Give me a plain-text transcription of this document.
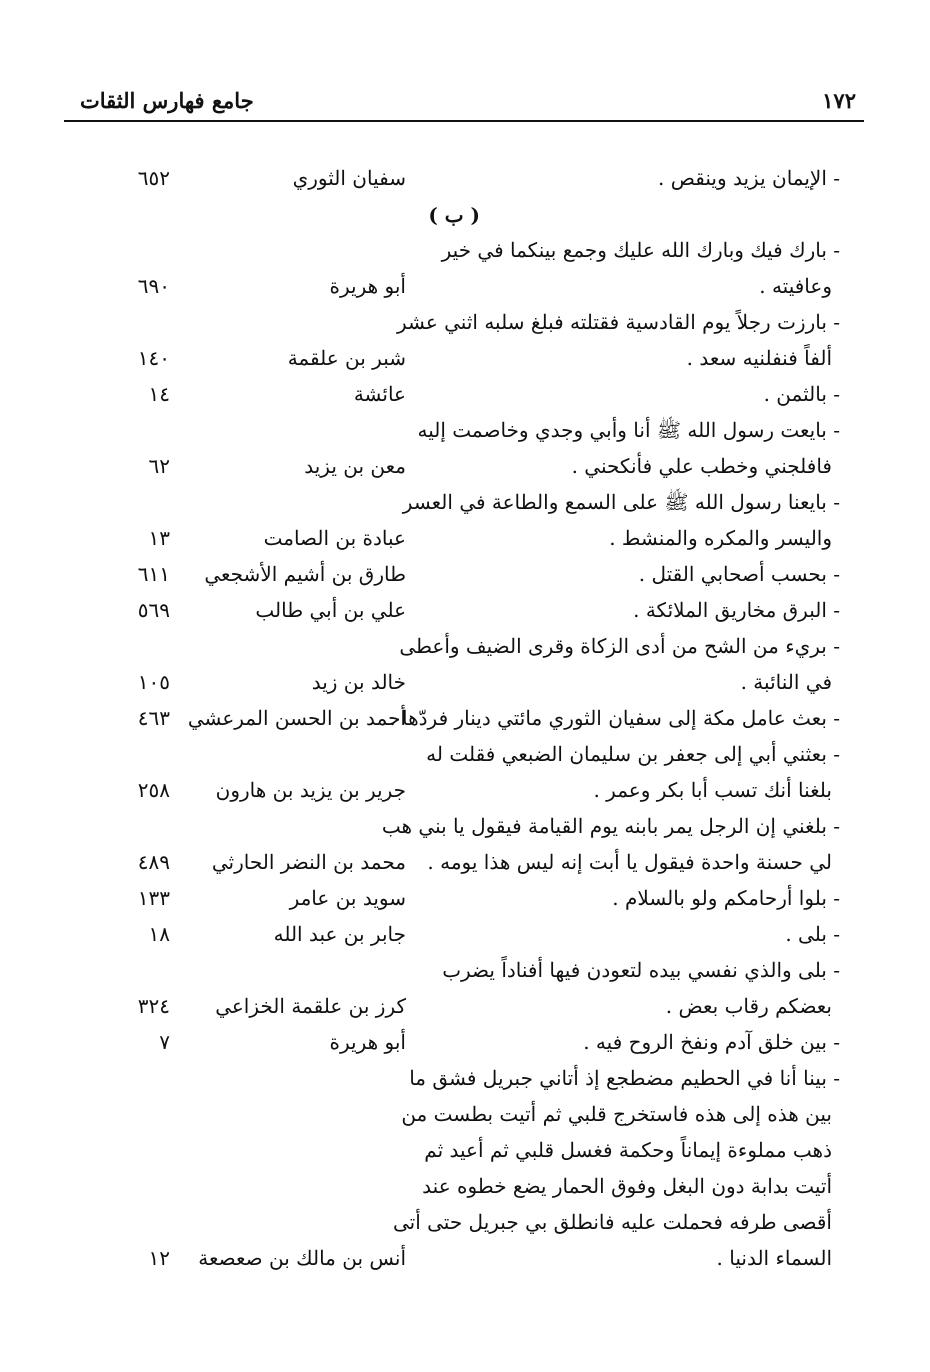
جامع فهارس الثقات	١٧٢
( ب )
- الإيمان يزيد وينقص .
سفيان الثوري
٦٥٢
- بارك فيك وبارك الله عليك وجمع بينكما في خير
وعافيته .
أبو هريرة
٦٩٠
- بارزت رجلاً يوم القادسية فقتلته فبلغ سلبه اثني عشر
ألفاً فنفلنيه سعد .
شبر بن علقمة
١٤٠
- بالثمن .
عائشة
١٤
- بايعت رسول الله ﷺ أنا وأبي وجدي وخاصمت إليه
فافلجني وخطب علي فأنكحني .
معن بن يزيد
٦٢
- بايعنا رسول الله ﷺ على السمع والطاعة في العسر
واليسر والمكره والمنشط .
عبادة بن الصامت
١٣
- بحسب أصحابي القتل .
طارق بن أشيم الأشجعي
٦١١
- البرق مخاريق الملائكة .
علي بن أبي طالب
٥٦٩
- بريء من الشح من أدى الزكاة وقرى الضيف وأعطى
في النائبة .
خالد بن زيد
١٠٥
- بعث عامل مكة إلى سفيان الثوري مائتي دينار فردّها .
أحمد بن الحسن المرعشي
٤٦٣
- بعثني أبي إلى جعفر بن سليمان الضبعي فقلت له
بلغنا أنك تسب أبا بكر وعمر .
جرير بن يزيد بن هارون
٢٥٨
- بلغني إن الرجل يمر بابنه يوم القيامة فيقول يا بني هب
لي حسنة واحدة فيقول يا أبت إنه ليس هذا يومه .
محمد بن النضر الحارثي
٤٨٩
- بلوا أرحامكم ولو بالسلام .
سويد بن عامر
١٣٣
- بلى .
جابر بن عبد الله
١٨
- بلى والذي نفسي بيده لتعودن فيها أفناداً يضرب
بعضكم رقاب بعض .
كرز بن علقمة الخزاعي
٣٢٤
- بين خلق آدم ونفخ الروح فيه .
أبو هريرة
٧
- بينا أنا في الحطيم مضطجع إذ أتاني جبريل فشق ما
بين هذه إلى هذه فاستخرج قلبي ثم أتيت بطست من
ذهب مملوءة إيماناً وحكمة فغسل قلبي ثم أعيد ثم
أتيت بدابة دون البغل وفوق الحمار يضع خطوه عند
أقصى طرفه فحملت عليه فانطلق بي جبريل حتى أتى
السماء الدنيا .
أنس بن مالك بن صعصعة
١٢
